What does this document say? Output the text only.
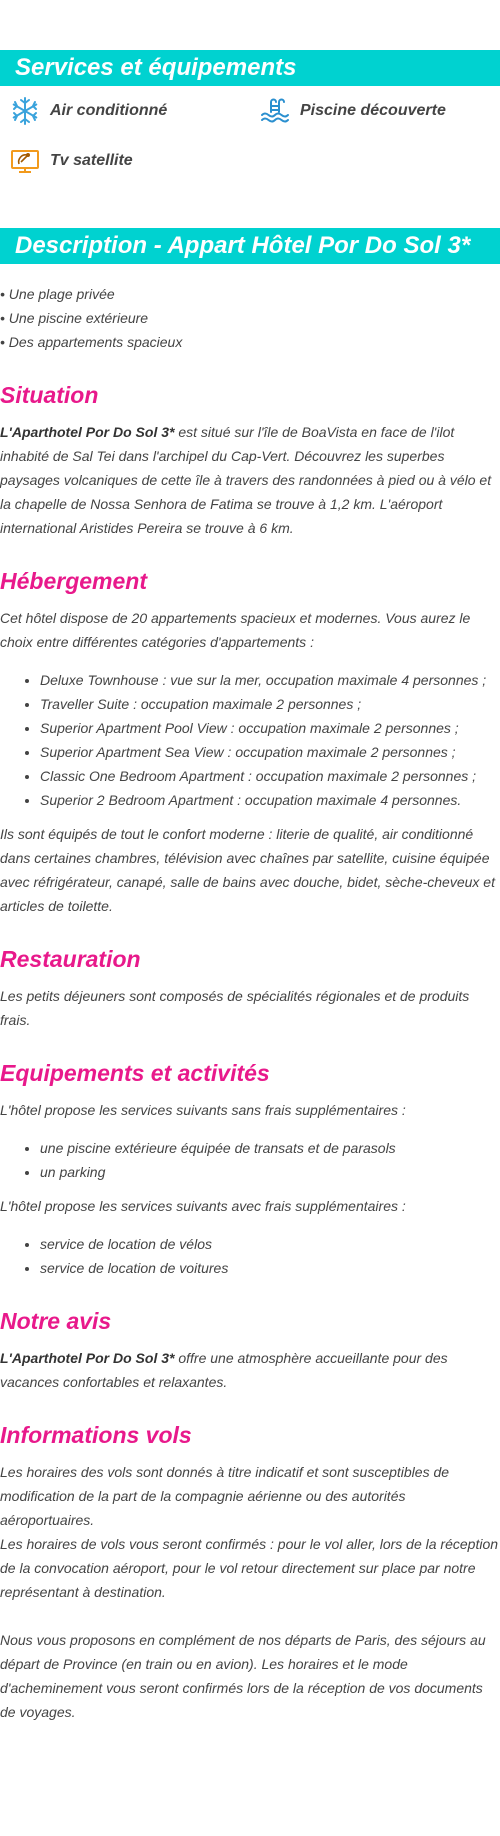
Services et équipements
Air conditionné	Piscine découverte
Tv satellite
Description - Appart Hôtel Por Do Sol 3*
• Une plage privée
• Une piscine extérieure
• Des appartements spacieux
Situation

L'Aparthotel Por Do Sol 3* est situé sur l'île de BoaVista en face de l'ilot inhabité de Sal Tei dans l'archipel du Cap-Vert. Découvrez les superbes paysages volcaniques de cette île à travers des randonnées à pied ou à vélo et la chapelle de Nossa Senhora de Fatima se trouve à 1,2 km. L'aéroport international Aristides Pereira se trouve à 6 km.

Hébergement

Cet hôtel dispose de 20 appartements spacieux et modernes. Vous aurez le choix entre différentes catégories d'appartements :

• Deluxe Townhouse : vue sur la mer, occupation maximale 4 personnes ;
• Traveller Suite : occupation maximale 2 personnes ;
• Superior Apartment Pool View : occupation maximale 2 personnes ;
• Superior Apartment Sea View : occupation maximale 2 personnes ;
• Classic One Bedroom Apartment : occupation maximale 2 personnes ;
• Superior 2 Bedroom Apartment : occupation maximale 4 personnes.

Ils sont équipés de tout le confort moderne : literie de qualité, air conditionné dans certaines chambres, télévision avec chaînes par satellite, cuisine équipée avec réfrigérateur, canapé, salle de bains avec douche, bidet, sèche-cheveux et articles de toilette.

Restauration

Les petits déjeuners sont composés de spécialités régionales et de produits frais.

Equipements et activités

L'hôtel propose les services suivants sans frais supplémentaires :

• une piscine extérieure équipée de transats et de parasols
• un parking

L'hôtel propose les services suivants avec frais supplémentaires :

• service de location de vélos
• service de location de voitures
Notre avis

L'Aparthotel Por Do Sol 3* offre une atmosphère accueillante pour des vacances confortables et relaxantes.

Informations vols

Les horaires des vols sont donnés à titre indicatif et sont susceptibles de modification de la part de la compagnie aérienne ou des autorités aéroportuaires.
Les horaires de vols vous seront confirmés : pour le vol aller, lors de la réception de la convocation aéroport, pour le vol retour directement sur place par notre représentant à destination.

Nous vous proposons en complément de nos départs de Paris, des séjours au départ de Province (en train ou en avion). Les horaires et le mode d'acheminement vous seront confirmés lors de la réception de vos documents de voyages.
